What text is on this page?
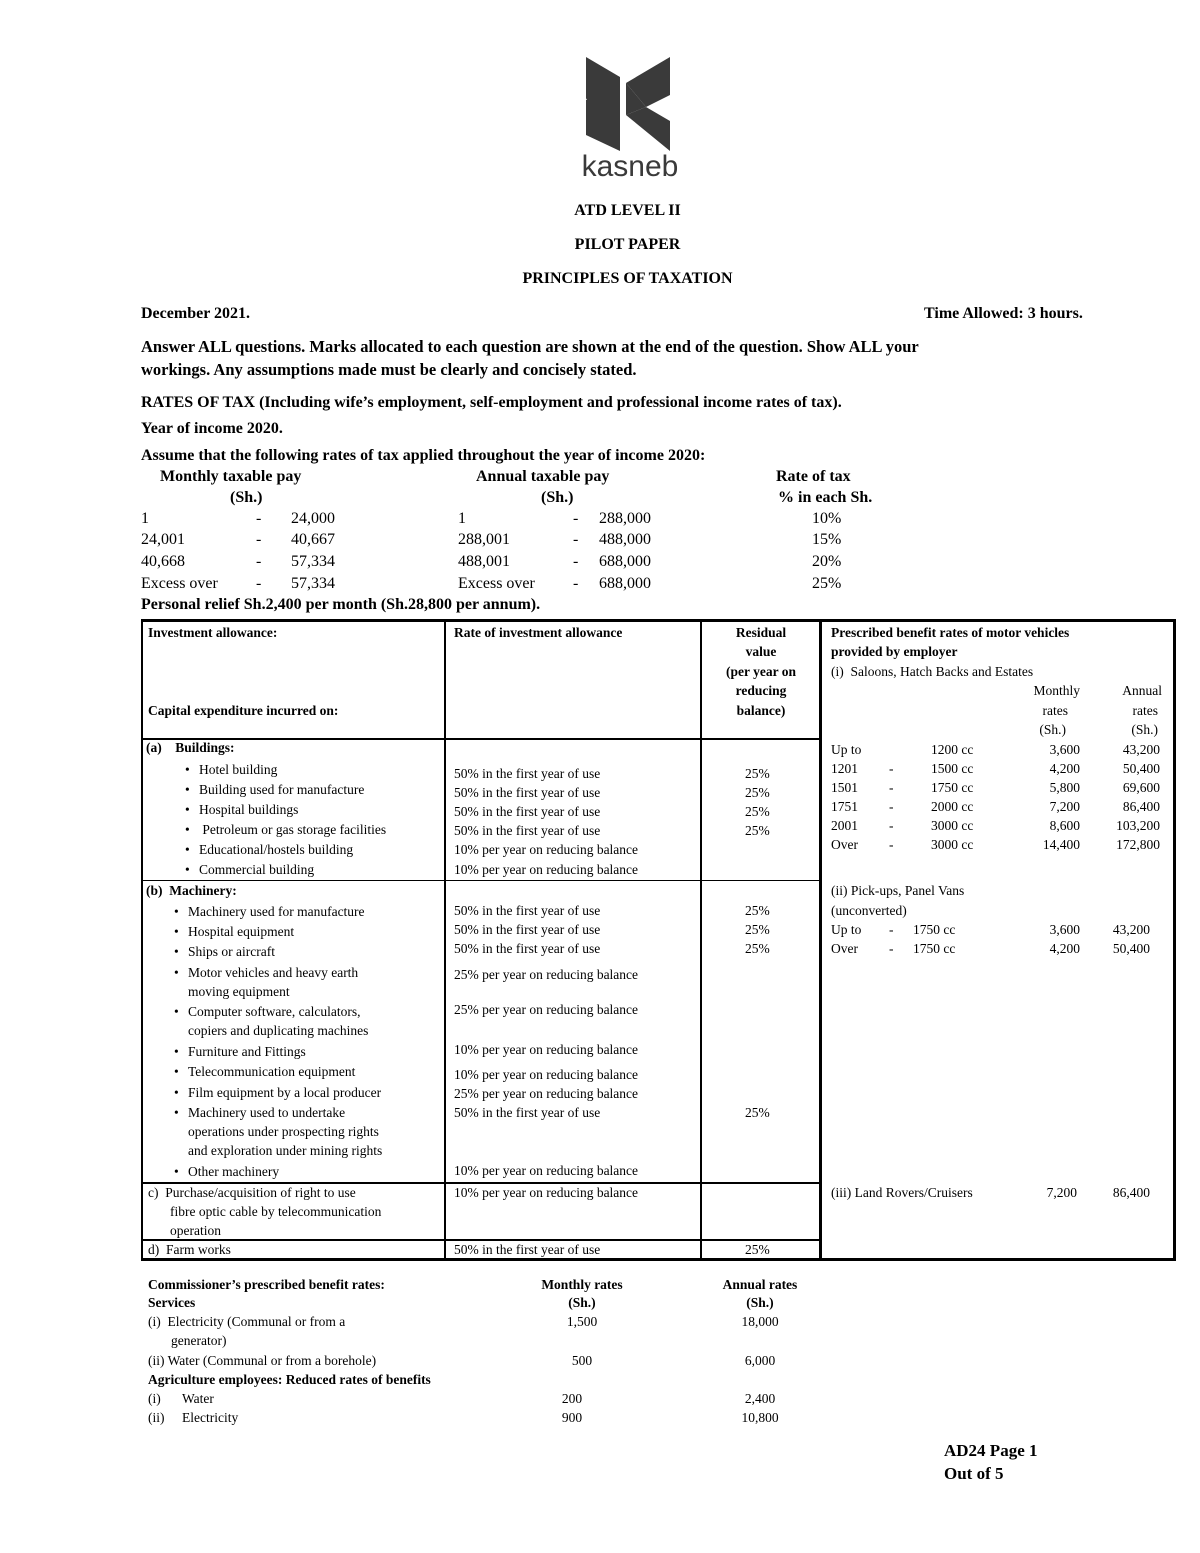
bumpowered
kasneb
ATD LEVEL II
PILOT PAPER
PRINCIPLES OF TAXATION
December 2021.	Time Allowed: 3 hours.
Answer ALL questions. Marks allocated to each question are shown at the end of the question. Show ALL your
workings. Any assumptions made must be clearly and concisely stated.
RATES OF TAX (Including wife’s employment, self-employment and professional income rates of tax).
Year of income 2020.
Assume that the following rates of tax applied throughout the year of income 2020:
Monthly taxable pay
(Sh.)
Annual taxable pay
(Sh.)
Rate of tax
% in each Sh.
1	- 24,000	1	- 288,000	10%
24,001	- 40,667	288,001	- 488,000	15%
40,668	- 57,334	488,001	- 688,000	20%
Excess over - 57,334	Excess over - 688,000	25%
Personal relief Sh.2,400 per month (Sh.28,800 per annum).
Investment allowance:
Capital expenditure incurred on:
Rate of investment allowance	Residual
value
(per year on
reducing
balance)
(a)    Buildings:
• Hotel building	50% in the first year of use	25%
• Building used for manufacture	50% in the first year of use	25%
• Hospital buildings	50% in the first year of use	25%
•  Petroleum or gas storage facilities	50% in the first year of use	25%
• Educational/hostels building	10% per year on reducing balance
• Commercial building	10% per year on reducing balance
(b)  Machinery:
• Machinery used for manufacture	50% in the first year of use	25%
• Hospital equipment	50% in the first year of use	25%
• Ships or aircraft	50% in the first year of use	25%
• Motor vehicles and heavy earth
moving equipment
25% per year on reducing balance
• Computer software, calculators,
copiers and duplicating machines
25% per year on reducing balance
• Furniture and Fittings	10% per year on reducing balance
• Telecommunication equipment	10% per year on reducing balance
• Film equipment by a local producer	25% per year on reducing balance
• Machinery used to undertake
operations under prospecting rights
and exploration under mining rights
50% in the first year of use	25%
• Other machinery	10% per year on reducing balance
c)  Purchase/acquisition of right to use
fibre optic cable by telecommunication
operation
10% per year on reducing balance
d)  Farm works	50% in the first year of use	25%
Prescribed benefit rates of motor vehicles
provided by employer
(i)  Saloons, Hatch Backs and Estates
Monthly
rates
(Sh.)
Annual
rates
(Sh.)
Up to	1200 cc	3,600	43,200
1201 -	1500 cc	4,200	50,400
1501 -	1750 cc	5,800	69,600
1751 -	2000 cc	7,200	86,400
2001 -	3000 cc	8,600	103,200
Over -	3000 cc	14,400	172,800
(ii) Pick-ups, Panel Vans
(unconverted)
Up to - 1750 cc	3,600	43,200
Over - 1750 cc	4,200	50,400
(iii) Land Rovers/Cruisers	7,200	86,400
Commissioner’s prescribed benefit rates:	Monthly rates	Annual rates
Services	(Sh.)	(Sh.)
(i)  Electricity (Communal or from a
generator)
1,500	18,000
(ii) Water (Communal or from a borehole)	500	6,000
Agriculture employees: Reduced rates of benefits
(i) Water	200	2,400
(ii) Electricity	900	10,800
AD24 Page 1
Out of 5
